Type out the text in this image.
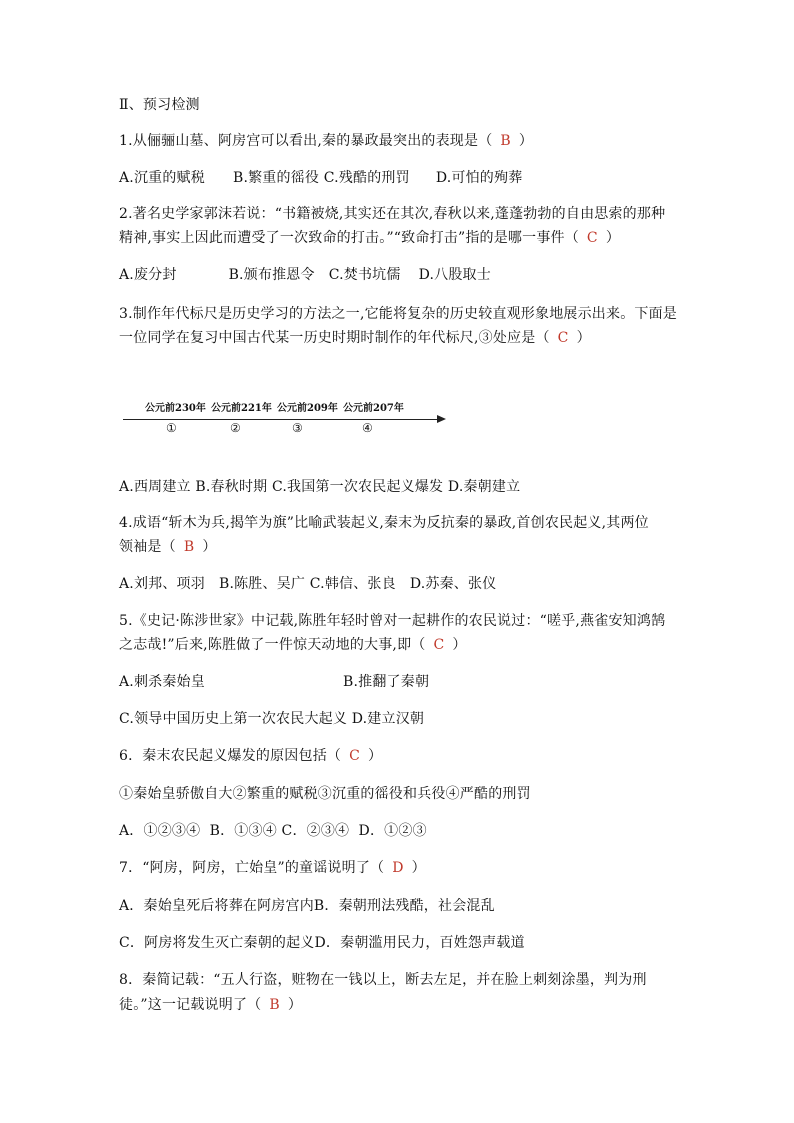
Ⅱ、预习检测
1.从俪骊山墓、阿房宫可以看出,秦的暴政最突出的表现是（ B ）
A.沉重的赋税 B.繁重的徭役 C.残酷的刑罚 D.可怕的殉葬
2.著名史学家郭沫若说：“书籍被烧,其实还在其次,春秋以来,蓬蓬勃勃的自由思索的那种
精神,事实上因此而遭受了一次致命的打击。”“致命打击”指的是哪一事件（ C ）
A.废分封	B.颁布推恩令 C.焚书坑儒 D.八股取士
3.制作年代标尺是历史学习的方法之一,它能将复杂的历史较直观形象地展示出来。下面是
一位同学在复习中国古代某一历史时期时制作的年代标尺,③处应是（ C ）
公元前230年 公元前221年 公元前209年 公元前207年
①	②	③	④
A.西周建立 B.春秋时期 C.我国第一次农民起义爆发 D.秦朝建立
4.成语“斩木为兵,揭竿为旗”比喻武装起义,秦末为反抗秦的暴政,首创农民起义,其两位
领袖是（ B ）
A.刘邦、项羽 B.陈胜、吴广 C.韩信、张良 D.苏秦、张仪
5.《史记·陈涉世家》中记载,陈胜年轻时曾对一起耕作的农民说过：“嗟乎,燕雀安知鸿鹄
之志哉!”后来,陈胜做了一件惊天动地的大事,即（ C ）
A.刺杀秦始皇	B.推翻了秦朝
C.领导中国历史上第一次农民大起义 D.建立汉朝
6．秦末农民起义爆发的原因包括（ C ）
①秦始皇骄傲自大②繁重的赋税③沉重的徭役和兵役④严酷的刑罚
A．①②③④  B．①③④ C．②③④  D．①②③
7．“阿房，阿房，亡始皇”的童谣说明了（ D ）
A．秦始皇死后将葬在阿房宫内B．秦朝刑法残酷，社会混乱
C．阿房将发生灭亡秦朝的起义D．秦朝滥用民力，百姓怨声载道
8．秦简记载：“五人行盗，赃物在一钱以上，断去左足，并在脸上刺刻涂墨，判为刑
徒。”这一记载说明了（ B ）
